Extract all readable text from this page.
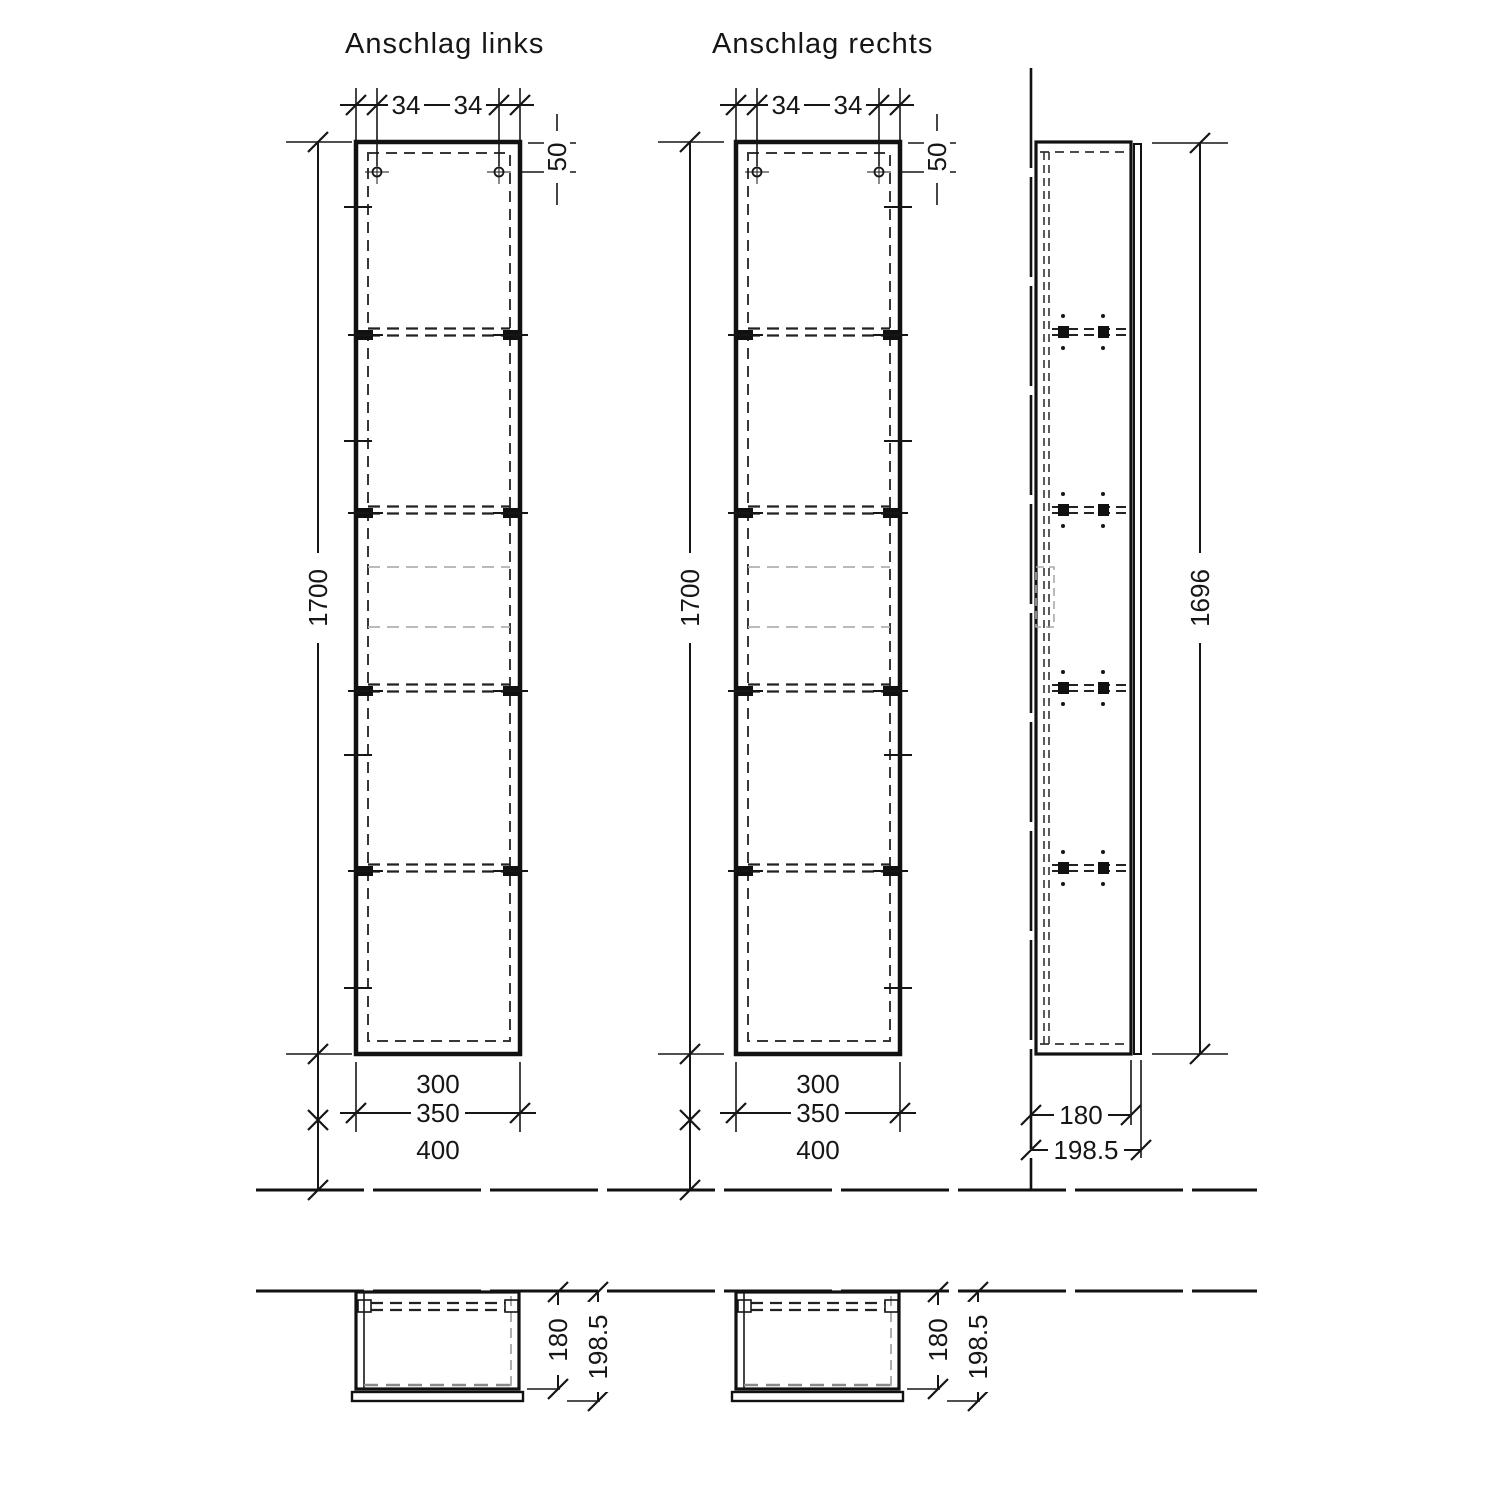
Anschlag links	Anschlag rechts
34 34	34 34
50	50
1700	1700
300
350
400
300
350
400
1696
180
198.5
180 198.5	180 198.5
